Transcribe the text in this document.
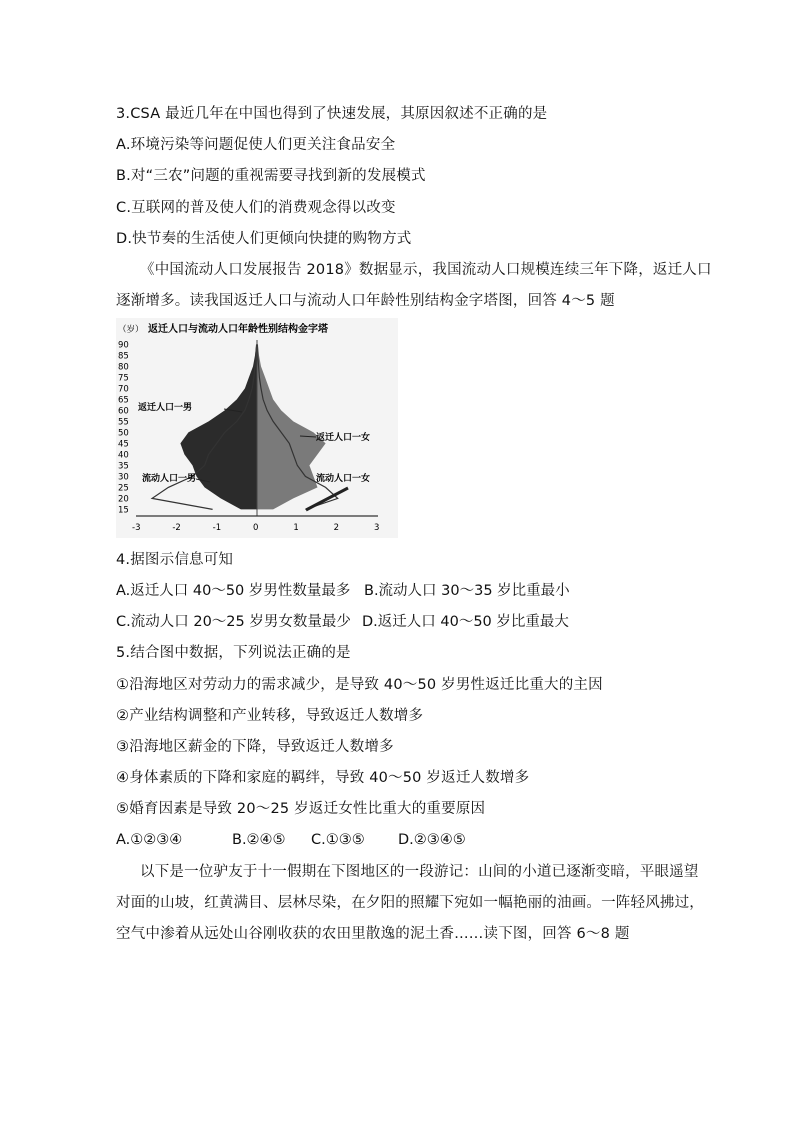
3.CSA 最近几年在中国也得到了快速发展，其原因叙述不正确的是
A.环境污染等问题促使人们更关注食品安全
B.对“三农”问题的重视需要寻找到新的发展模式
C.互联网的普及使人们的消费观念得以改变
D.快节奏的生活使人们更倾向快捷的购物方式
《中国流动人口发展报告 2018》数据显示，我国流动人口规模连续三年下降，返迁人口
逐渐增多。读我国返迁人口与流动人口年龄性别结构金字塔图，回答 4～5 题
（岁） 返迁人口与流动人口年龄性别结构金字塔
15
20
25
30
35
40
45
50
55
60
65
70
75
80
85
90
-3	-2	-1	0	1	2	3
返迁人口一男
返迁人口一女
流动人口一男	流动人口一女
4.据图示信息可知
A.返迁人口 40～50 岁男性数量最多 B.流动人口 30～35 岁比重最小
C.流动人口 20～25 岁男女数量最少 D.返迁人口 40～50 岁比重最大
5.结合图中数据，下列说法正确的是
①沿海地区对劳动力的需求减少，是导致 40～50 岁男性返迁比重大的主因
②产业结构调整和产业转移，导致返迁人数增多
③沿海地区薪金的下降，导致返迁人数增多
④身体素质的下降和家庭的羁绊，导致 40～50 岁返迁人数增多
⑤婚育因素是导致 20～25 岁返迁女性比重大的重要原因
A.①②③④	B.②④⑤ C.①③⑤ D.②③④⑤
以下是一位驴友于十一假期在下图地区的一段游记：山间的小道已逐渐变暗，平眼遥望
对面的山坡，红黄满目、层林尽染，在夕阳的照耀下宛如一幅艳丽的油画。一阵轻风拂过，
空气中渗着从远处山谷刚收获的农田里散逸的泥土香……读下图，回答 6～8 题
